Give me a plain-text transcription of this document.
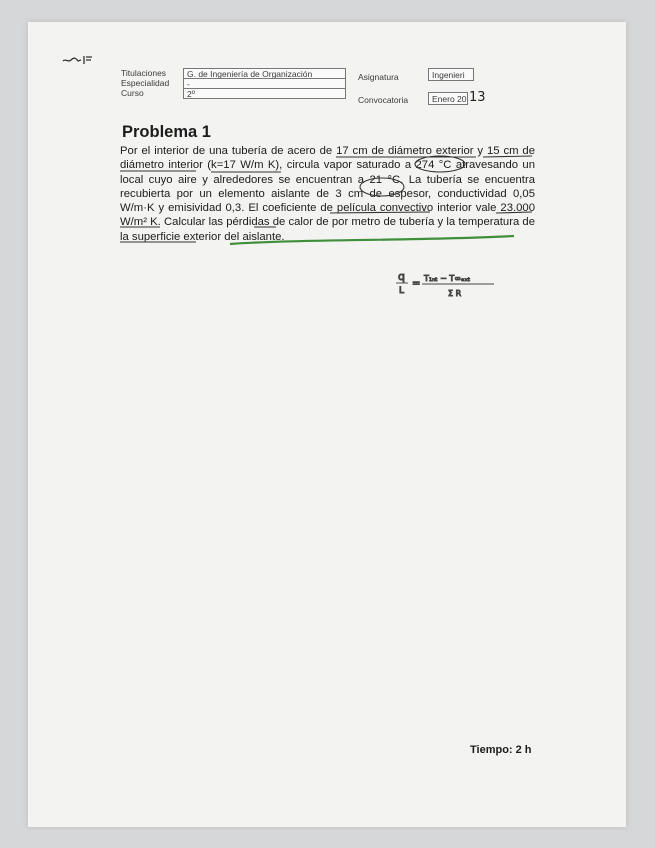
Titulaciones
Especialidad
Curso
G. de Ingeniería de Organización
-
2º
Asignatura	Ingenieri
Convocatoria	Enero 20 13
Problema 1

Por el interior de una tubería de acero de 17 cm de diámetro exterior y 15 cm de diámetro interior (k=17 W/m K), circula vapor saturado a 274 °C atravesando un local cuyo aire y alrededores se encuentran a 21 °C. La tubería se encuentra recubierta por un elemento aislante de 3 cm de espesor, conductividad 0,05 W/m·K y emisividad 0,3. El coeficiente de película convectivo interior vale 23.000 W/m² K. Calcular las pérdidas de calor de por metro de tubería y la temperatura de la superficie exterior del aislante.

q
L
= T₁ₙₜ − T∞ₑₓₜ
Σ R
Tiempo: 2 h
